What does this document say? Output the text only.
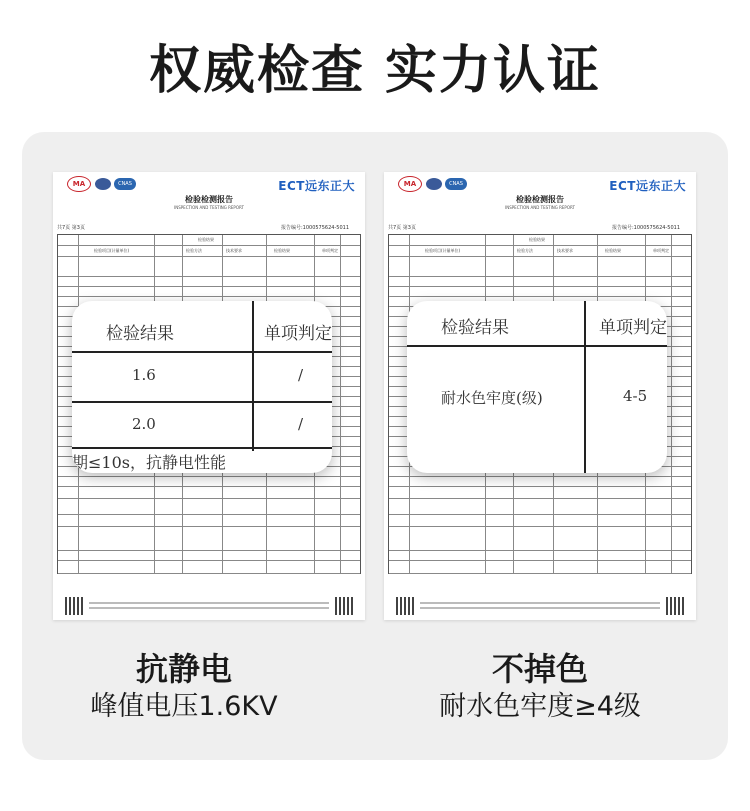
权威检查 实力认证
MA	CNAS	ECT远东正大
检验检测报告
INSPECTION AND TESTING REPORT
共7页 第3页	报告编号:1000575624-5011
检验结果
检验项目(计量单位)	检验方法	技术要求	检验结果	单项判定
MA	CNAS	ECT远东正大
检验检测报告
INSPECTION AND TESTING REPORT
共7页 第3页	报告编号:1000575624-5011
检验结果
检验项目(计量单位)	检验方法	技术要求	检验结果	单项判定
检验结果	单项判定
1.6	/
2.0	/
期≤10s，抗静电性能
检验结果	单项判定
耐水色牢度(级)	4-5
抗静电
峰值电压1.6KV
不掉色
耐水色牢度≥4级
